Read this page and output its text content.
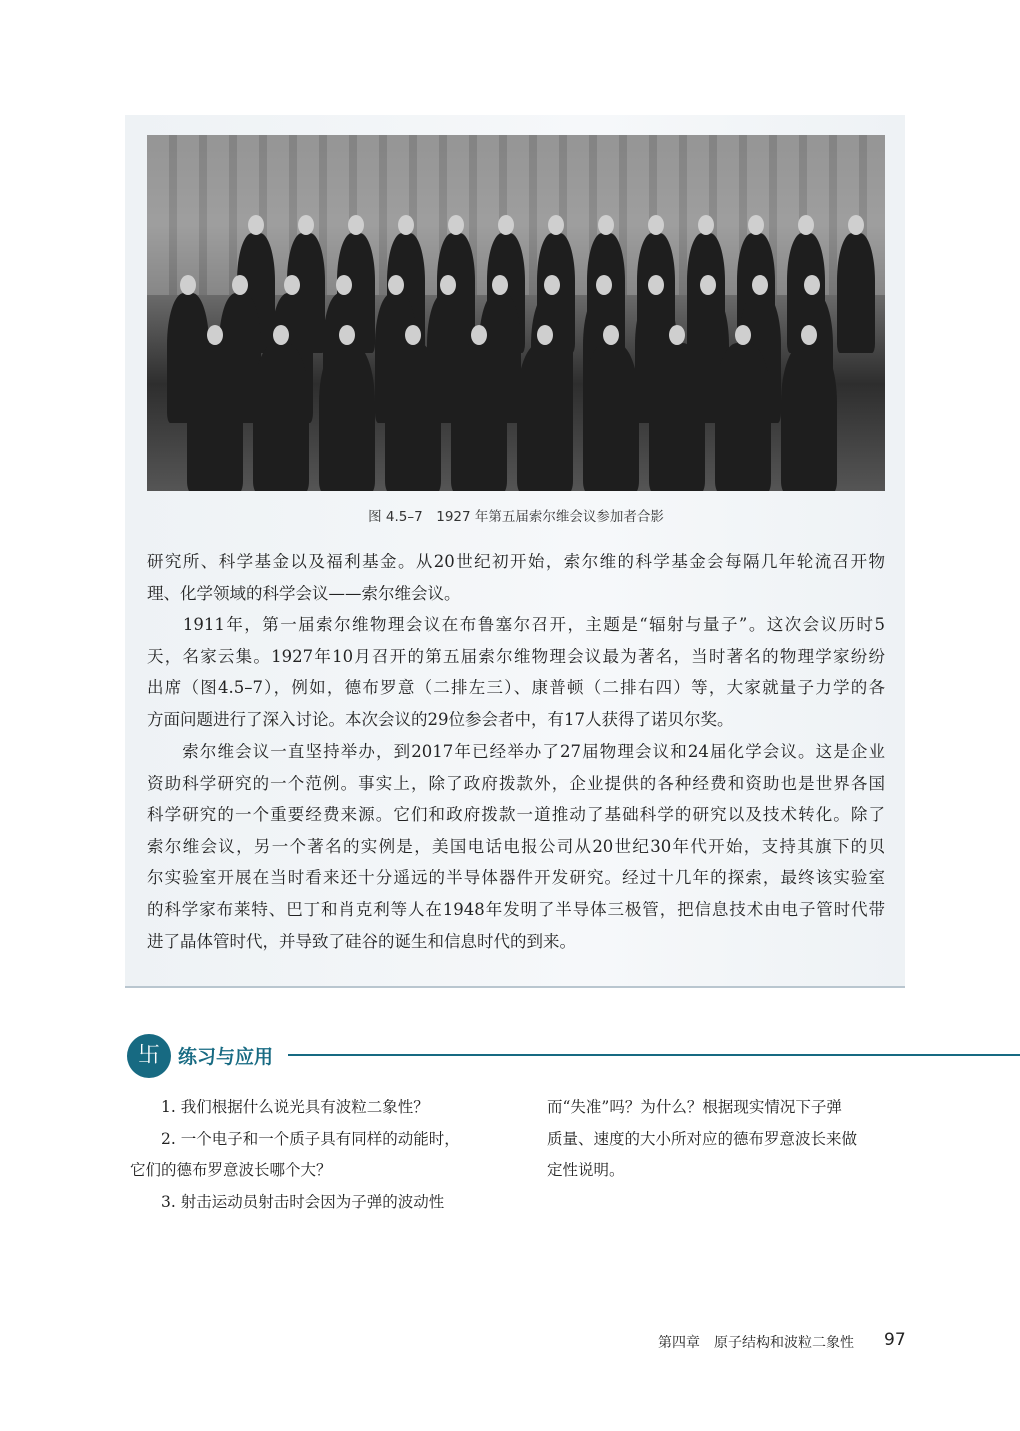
图 4.5–7　1927 年第五届索尔维会议参加者合影
研究所、科学基金以及福利基金。从20世纪初开始，索尔维的科学基金会每隔几年轮流召开物
理、化学领域的科学会议——索尔维会议。
　　1911年，第一届索尔维物理会议在布鲁塞尔召开，主题是“辐射与量子”。这次会议历时5
天，名家云集。1927年10月召开的第五届索尔维物理会议最为著名，当时著名的物理学家纷纷
出席（图4.5–7），例如，德布罗意（二排左三）、康普顿（二排右四）等，大家就量子力学的各
方面问题进行了深入讨论。本次会议的29位参会者中，有17人获得了诺贝尔奖。
　　索尔维会议一直坚持举办，到2017年已经举办了27届物理会议和24届化学会议。这是企业
资助科学研究的一个范例。事实上，除了政府拨款外，企业提供的各种经费和资助也是世界各国
科学研究的一个重要经费来源。它们和政府拨款一道推动了基础科学的研究以及技术转化。除了
索尔维会议，另一个著名的实例是，美国电话电报公司从20世纪30年代开始，支持其旗下的贝
尔实验室开展在当时看来还十分遥远的半导体器件开发研究。经过十几年的探索，最终该实验室
的科学家布莱特、巴丁和肖克利等人在1948年发明了半导体三极管，把信息技术由电子管时代带
进了晶体管时代，并导致了硅谷的诞生和信息时代的到来。
卐 练习与应用
　　1. 我们根据什么说光具有波粒二象性？
　　2. 一个电子和一个质子具有同样的动能时，
它们的德布罗意波长哪个大？
　　3. 射击运动员射击时会因为子弹的波动性
而“失准”吗？为什么？根据现实情况下子弹
质量、速度的大小所对应的德布罗意波长来做
定性说明。
第四章　原子结构和波粒二象性 97
